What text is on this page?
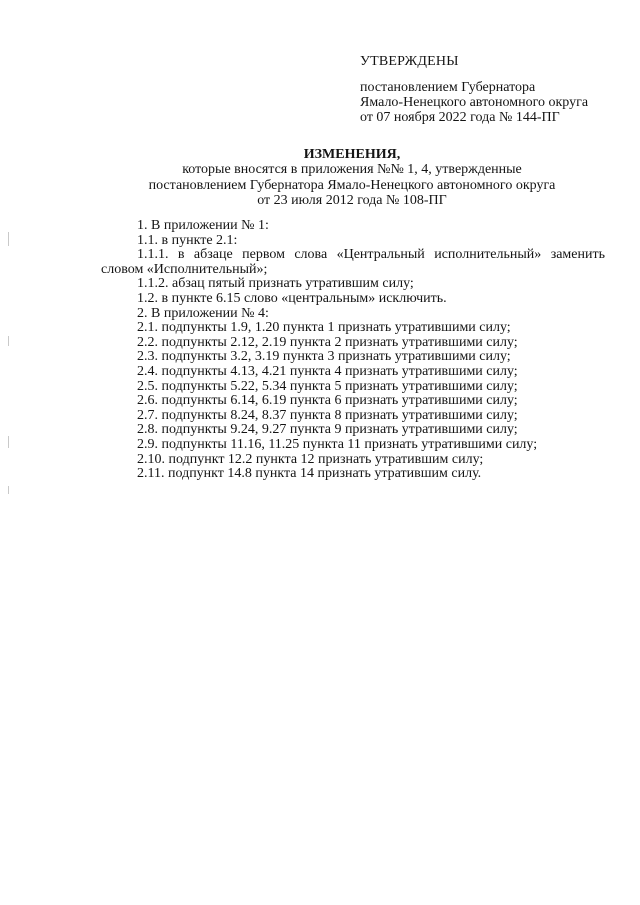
УТВЕРЖДЕНЫ
постановлением Губернатора
Ямало-Ненецкого автономного округа
от 07 ноября 2022 года № 144-ПГ
ИЗМЕНЕНИЯ,
которые вносятся в приложения №№ 1, 4, утвержденные
постановлением Губернатора Ямало-Ненецкого автономного округа
от 23 июля 2012 года № 108-ПГ
1. В приложении № 1:
1.1. в пункте 2.1:
1.1.1. в абзаце первом слова «Центральный исполнительный» заменить
словом «Исполнительный»;
1.1.2. абзац пятый признать утратившим силу;
1.2. в пункте 6.15 слово «центральным» исключить.
2. В приложении № 4:
2.1. подпункты 1.9, 1.20 пункта 1 признать утратившими силу;
2.2. подпункты 2.12, 2.19 пункта 2 признать утратившими силу;
2.3. подпункты 3.2, 3.19 пункта 3 признать утратившими силу;
2.4. подпункты 4.13, 4.21 пункта 4 признать утратившими силу;
2.5. подпункты 5.22, 5.34 пункта 5 признать утратившими силу;
2.6. подпункты 6.14, 6.19 пункта 6 признать утратившими силу;
2.7. подпункты 8.24, 8.37 пункта 8 признать утратившими силу;
2.8. подпункты 9.24, 9.27 пункта 9 признать утратившими силу;
2.9. подпункты 11.16, 11.25 пункта 11 признать утратившими силу;
2.10. подпункт 12.2 пункта 12 признать утратившим силу;
2.11. подпункт 14.8 пункта 14 признать утратившим силу.
